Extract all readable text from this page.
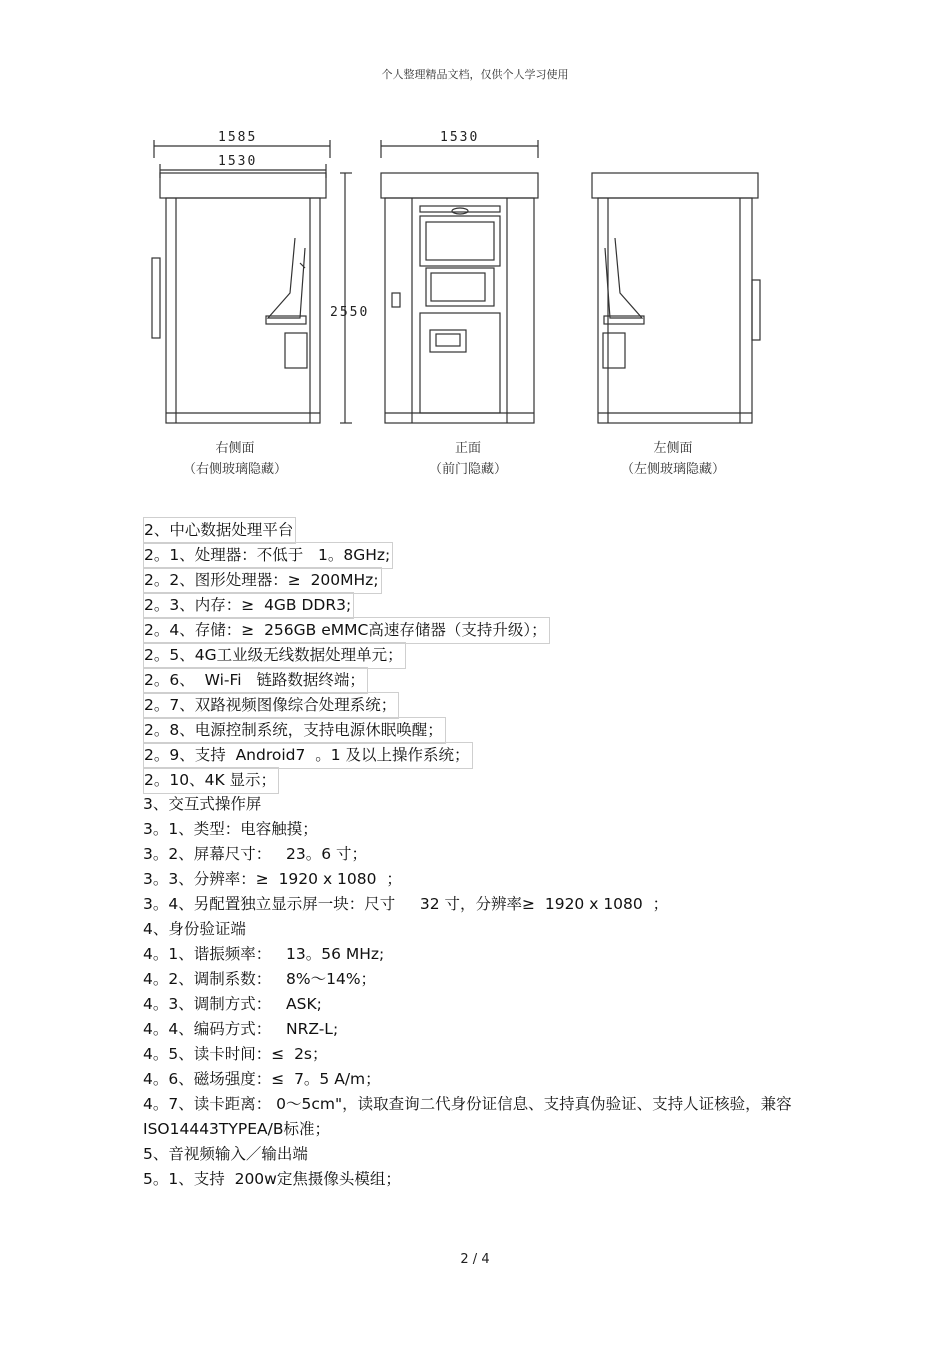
个人整理精品文档，仅供个人学习使用
1585
1530
2550
1530
右侧面
（右侧玻璃隐藏）
正面
（前门隐藏）
左侧面
（左侧玻璃隐藏）
2、中心数据处理平台
2。1、处理器：不低于   1。8GHz;
2。2、图形处理器：≥  200MHz;
2。3、内存：≥  4GB DDR3;
2。4、存储：≥  256GB eMMC高速存储器（支持升级）；
2。5、4G工业级无线数据处理单元；
2。6、  Wi-Fi   链路数据终端；
2。7、双路视频图像综合处理系统；
2。8、电源控制系统，支持电源休眠唤醒；
2。9、支持  Android7  。1 及以上操作系统；
2。10、4K 显示；
3、交互式操作屏
3。1、类型：电容触摸；
3。2、屏幕尺寸：   23。6 寸；
3。3、分辨率：≥  1920 x 1080  ；
3。4、另配置独立显示屏一块：尺寸     32 寸，分辨率≥  1920 x 1080  ；
4、身份验证端
4。1、谐振频率：   13。56 MHz;
4。2、调制系数：   8%～14%；
4。3、调制方式：   ASK;
4。4、编码方式：   NRZ-L;
4。5、读卡时间：≤  2s；
4。6、磁场强度：≤  7。5 A/m；
4。7、读卡距离： 0～5cm"，读取查询二代身份证信息、支持真伪验证、支持人证核验，兼容 ISO14443TYPEA/B标准；
5、音视频输入／输出端
5。1、支持  200w定焦摄像头模组；
2 / 4
